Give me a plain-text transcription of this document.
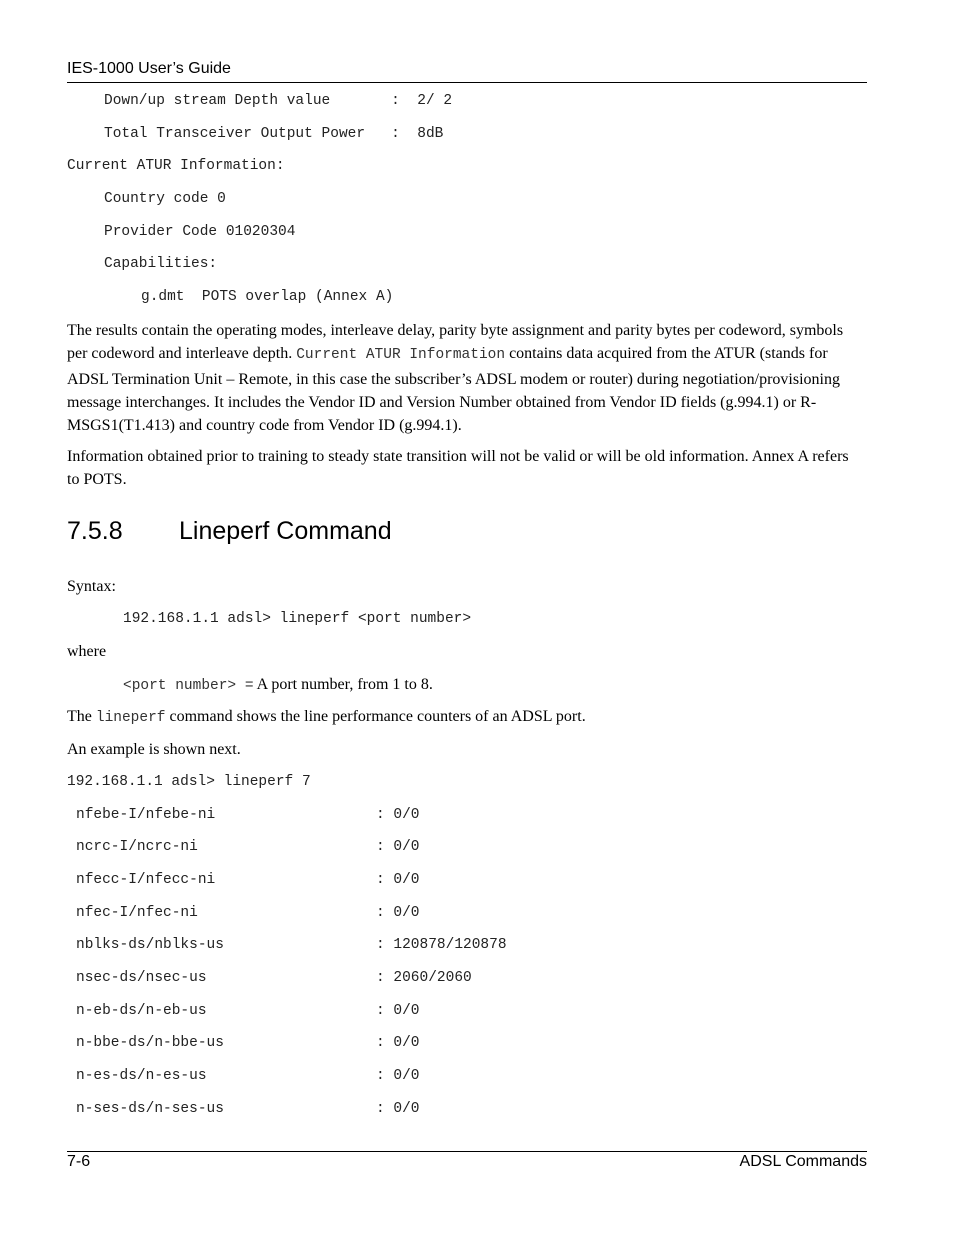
IES-1000 User’s Guide
Down/up stream Depth value       :  2/ 2
Total Transceiver Output Power   :  8dB
Current ATUR Information:
Country code 0
Provider Code 01020304
Capabilities:
g.dmt  POTS overlap (Annex A)
The results contain the operating modes, interleave delay, parity byte assignment and parity bytes per codeword, symbols per codeword and interleave depth. Current ATUR Information contains data acquired from the ATUR (stands for ADSL Termination Unit – Remote, in this case the subscriber’s ADSL modem or router) during negotiation/provisioning message interchanges. It includes the Vendor ID and Version Number obtained from Vendor ID fields (g.994.1) or R-MSGS1(T1.413) and country code from Vendor ID (g.994.1).
Information obtained prior to training to steady state transition will not be valid or will be old information. Annex A refers to POTS.
7.5.8 Lineperf Command
Syntax:
192.168.1.1 adsl> lineperf <port number>
where
<port number> = A port number, from 1 to 8.
The lineperf command shows the line performance counters of an ADSL port.
An example is shown next.
192.168.1.1 adsl> lineperf 7
nfebe-I/nfebe-ni	: 0/0
ncrc-I/ncrc-ni	: 0/0
nfecc-I/nfecc-ni	: 0/0
nfec-I/nfec-ni	: 0/0
nblks-ds/nblks-us	: 120878/120878
nsec-ds/nsec-us	: 2060/2060
n-eb-ds/n-eb-us	: 0/0
n-bbe-ds/n-bbe-us	: 0/0
n-es-ds/n-es-us	: 0/0
n-ses-ds/n-ses-us	: 0/0
7-6	ADSL Commands
